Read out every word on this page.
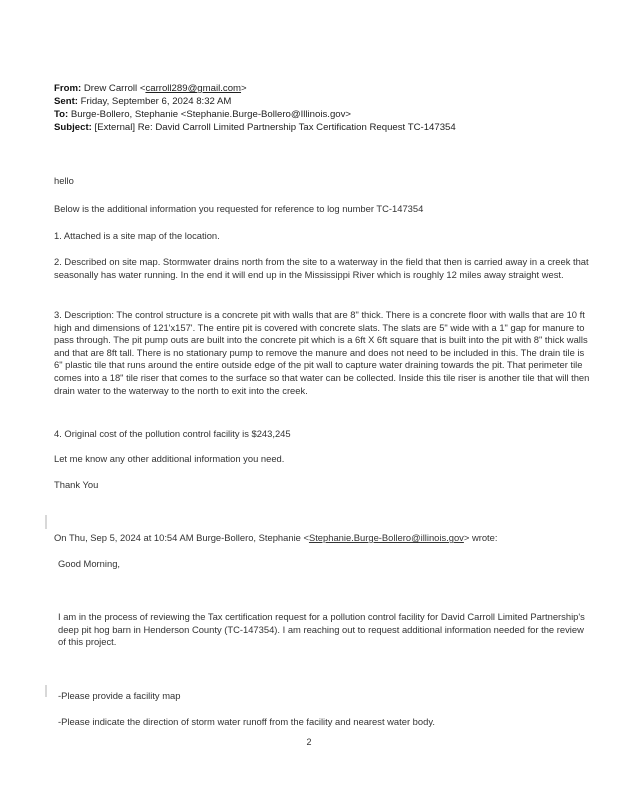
From: Drew Carroll <carroll289@gmail.com>
Sent: Friday, September 6, 2024 8:32 AM
To: Burge-Bollero, Stephanie <Stephanie.Burge-Bollero@Illinois.gov>
Subject: [External] Re: David Carroll Limited Partnership Tax Certification Request TC-147354

hello

Below is the additional information you requested for reference to log number TC-147354

1. Attached is a site map of the location.

2. Described on site map. Stormwater drains north from the site to a waterway in the field that then is carried away in a creek that seasonally has water running. In the end it will end up in the Mississippi River which is roughly 12 miles away straight west.

3. Description: The control structure is a concrete pit with walls that are 8" thick. There is a concrete floor with walls that are 10 ft high and dimensions of 121'x157'. The entire pit is covered with concrete slats. The slats are 5" wide with a 1" gap for manure to pass through. The pit pump outs are built into the concrete pit which is a 6ft X 6ft square that is built into the pit with 8" thick walls and that are 8ft tall. There is no stationary pump to remove the manure and does not need to be included in this. The drain tile is 6" plastic tile that runs around the entire outside edge of the pit wall to capture water draining towards the pit. That perimeter tile comes into a 18" tile riser that comes to the surface so that water can be collected. Inside this tile riser is another tile that will then drain water to the waterway to the north to exit into the creek.

4. Original cost of the pollution control facility is $243,245

Let me know any other additional information you need.

Thank You

On Thu, Sep 5, 2024 at 10:54 AM Burge-Bollero, Stephanie <Stephanie.Burge-Bollero@illinois.gov> wrote:

Good Morning,

I am in the process of reviewing the Tax certification request for a pollution control facility for David Carroll Limited Partnership's deep pit hog barn in Henderson County (TC-147354). I am reaching out to request additional information needed for the review of this project.

-Please provide a facility map

-Please indicate the direction of storm water runoff from the facility and nearest water body.

2
